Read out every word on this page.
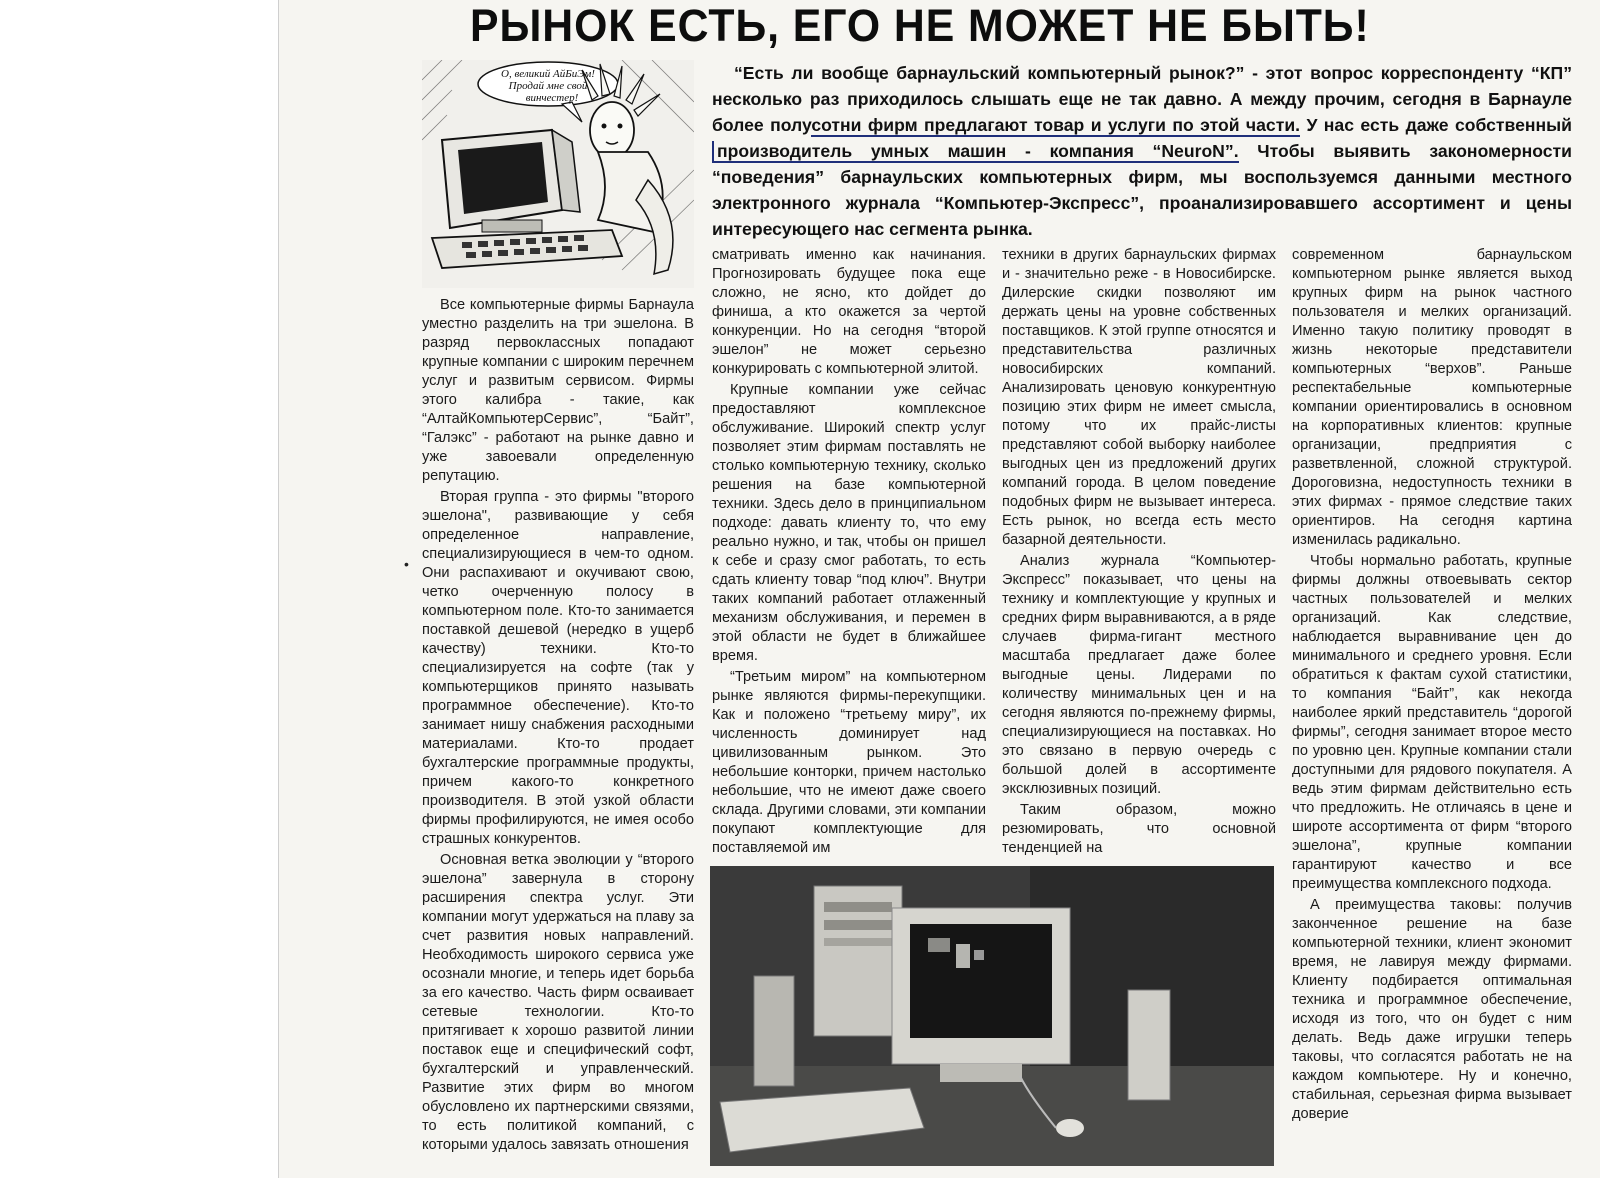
РЫНОК ЕСТЬ, ЕГО НЕ МОЖЕТ НЕ БЫТЬ!
О, великий АйБиЭм!
Продай мне свой
винчестер!

“Есть ли вообще барнаульский компьютерный рынок?” - этот вопрос корреспонденту “КП” несколько раз приходилось слышать еще не так давно. А между прочим, сегодня в Барнауле более полусотни фирм предлагают товар и услуги по этой части. У нас есть даже собственный производитель умных машин - компания “NeuroN”. Чтобы выявить закономерности “поведения” барнаульских компьютерных фирм, мы воспользуемся данными местного электронного журнала “Компьютер-Экспресс”, проанализировавшего ассортимент и цены интересующего нас сегмента рынка.

•

Все компьютерные фирмы Барнаула уместно разделить на три эшелона. В разряд первоклассных попадают крупные компании с широким перечнем услуг и развитым сервисом. Фирмы этого калибра - такие, как “АлтайКомпьютерСервис”, “Байт”, “Галэкс” - работают на рынке давно и уже завоевали определенную репутацию.

Вторая группа - это фирмы "второго эшелона", развивающие у себя определенное направление, специализирующиеся в чем-то одном. Они распахивают и окучивают свою, четко очерченную полосу в компьютерном поле. Кто-то занимается поставкой дешевой (нередко в ущерб качеству) техники. Кто-то специализируется на софте (так у компьютерщиков принято называть программное обеспечение). Кто-то занимает нишу снабжения расходными материалами. Кто-то продает бухгалтерские программные продукты, причем какого-то конкретного производителя. В этой узкой области фирмы профилируются, не имея особо страшных конкурентов.

Основная ветка эволюции у “второго эшелона” завернула в сторону расширения спектра услуг. Эти компании могут удержаться на плаву за счет развития новых направлений. Необходимость широкого сервиса уже осознали многие, и теперь идет борьба за его качество. Часть фирм осваивает сетевые технологии. Кто-то притягивает к хорошо развитой линии поставок еще и специфический софт, бухгалтерский и управленческий. Развитие этих фирм во многом обусловлено их партнерскими связями, то есть политикой компаний, с которыми удалось завязать отношения

сматривать именно как начинания. Прогнозировать будущее пока еще сложно, не ясно, кто дойдет до финиша, а кто окажется за чертой конкуренции. Но на сегодня “второй эшелон” не может серьезно конкурировать с компьютерной элитой.

Крупные компании уже сейчас предоставляют комплексное обслуживание. Широкий спектр услуг позволяет этим фирмам поставлять не столько компьютерную технику, сколько решения на базе компьютерной техники. Здесь дело в принципиальном подходе: давать клиенту то, что ему реально нужно, и так, чтобы он пришел к себе и сразу смог работать, то есть сдать клиенту товар “под ключ”. Внутри таких компаний работает отлаженный механизм обслуживания, и перемен в этой области не будет в ближайшее время.

“Третьим миром” на компьютерном рынке являются фирмы-перекупщики. Как и положено “третьему миру”, их численность доминирует над цивилизованным рынком. Это небольшие конторки, причем настолько небольшие, что не имеют даже своего склада. Другими словами, эти компании покупают комплектующие для поставляемой им

техники в других барнаульских фирмах и - значительно реже - в Новосибирске. Дилерские скидки позволяют им держать цены на уровне собственных поставщиков. К этой группе относятся и представительства различных новосибирских компаний. Анализировать ценовую конкурентную позицию этих фирм не имеет смысла, потому что их прайс-листы представляют собой выборку наиболее выгодных цен из предложений других компаний города. В целом поведение подобных фирм не вызывает интереса. Есть рынок, но всегда есть место базарной деятельности.

Анализ журнала “Компьютер-Экспресс” показывает, что цены на технику и комплектующие у крупных и средних фирм выравниваются, а в ряде случаев фирма-гигант местного масштаба предлагает даже более выгодные цены. Лидерами по количеству минимальных цен и на сегодня являются по-прежнему фирмы, специализирующиеся на поставках. Но это связано в первую очередь с большой долей в ассортименте эксклюзивных позиций.

Таким образом, можно резюмировать, что основной тенденцией на

современном барнаульском компьютерном рынке является выход крупных фирм на рынок частного пользователя и мелких организаций. Именно такую политику проводят в жизнь некоторые представители компьютерных “верхов”. Раньше респектабельные компьютерные компании ориентировались в основном на корпоративных клиентов: крупные организации, предприятия с разветвленной, сложной структурой. Дороговизна, недоступность техники в этих фирмах - прямое следствие таких ориентиров. На сегодня картина изменилась радикально.

Чтобы нормально работать, крупные фирмы должны отвоевывать сектор частных пользователей и мелких организаций. Как следствие, наблюдается выравнивание цен до минимального и среднего уровня. Если обратиться к фактам сухой статистики, то компания “Байт”, как некогда наиболее яркий представитель “дорогой фирмы”, сегодня занимает второе место по уровню цен. Крупные компании стали доступными для рядового покупателя. А ведь этим фирмам действительно есть что предложить. Не отличаясь в цене и широте ассортимента от фирм “второго эшелона”, крупные компании гарантируют качество и все преимущества комплексного подхода.

А преимущества таковы: получив законченное решение на базе компьютерной техники, клиент экономит время, не лавируя между фирмами. Клиенту подбирается оптимальная техника и программное обеспечение, исходя из того, что он будет с ним делать. Ведь даже игрушки теперь таковы, что согласятся работать не на каждом компьютере. Ну и конечно, стабильная, серьезная фирма вызывает доверие
